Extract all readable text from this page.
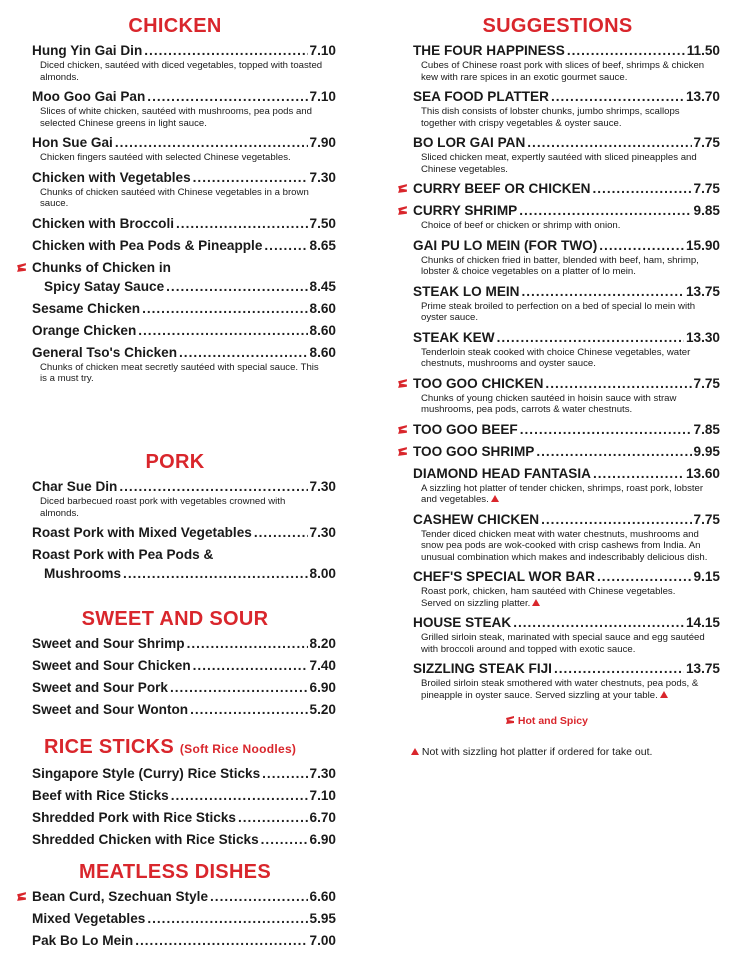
CHICKEN
Hung Yin Gai Din .....	7.10
Diced chicken, sautéed with diced vegetables, topped with toasted almonds.
Moo Goo Gai Pan .....	7.10
Slices of white chicken, sautéed with mushrooms, pea pods and selected Chinese greens in light sauce.
Hon Sue Gai .....	7.90
Chicken fingers sautéed with selected Chinese vegetables.
Chicken with Vegetables .....	7.30
Chunks of chicken sautéed with Chinese vegetables in a brown sauce.
Chicken with Broccoli .....	7.50
Chicken with Pea Pods & Pineapple .....	8.65
Chunks of Chicken in
Spicy Satay Sauce .....	8.45
Sesame Chicken .....	8.60
Orange Chicken .....	8.60
General Tso's Chicken .....	8.60
Chunks of chicken meat secretly sautéed with special sauce. This is a must try.
PORK
Char Sue Din .....	7.30
Diced barbecued roast pork with vegetables crowned with almonds.
Roast Pork with Mixed Vegetables .....	7.30
Roast Pork with Pea Pods &
Mushrooms .....	8.00
SWEET AND SOUR
Sweet and Sour Shrimp .....	8.20
Sweet and Sour Chicken .....	7.40
Sweet and Sour Pork .....	6.90
Sweet and Sour Wonton .....	5.20
RICE STICKS (Soft Rice Noodles)
Singapore Style (Curry) Rice Sticks .....	7.30
Beef with Rice Sticks .....	7.10
Shredded Pork with Rice Sticks .....	6.70
Shredded Chicken with Rice Sticks .....	6.90
MEATLESS DISHES
Bean Curd, Szechuan Style .....	6.60
Mixed Vegetables .....	5.95
Pak Bo Lo Mein .....	7.00
SUGGESTIONS
THE FOUR HAPPINESS .....	11.50
Cubes of Chinese roast pork with slices of beef, shrimps & chicken kew with rare spices in an exotic gourmet sauce.
SEA FOOD PLATTER .....	13.70
This dish consists of lobster chunks, jumbo shrimps, scallops together with crispy vegetables & oyster sauce.
BO LOR GAI PAN .....	7.75
Sliced chicken meat, expertly sautéed with sliced pineapples and Chinese vegetables.
CURRY BEEF OR CHICKEN .....	7.75
CURRY SHRIMP .....	9.85
Choice of beef or chicken or shrimp with onion.
GAI PU LO MEIN (FOR TWO) .....	15.90
Chunks of chicken fried in batter, blended with beef, ham, shrimp, lobster & choice vegetables on a platter of lo mein.
STEAK LO MEIN .....	13.75
Prime steak broiled to perfection on a bed of special lo mein with oyster sauce.
STEAK KEW .....	13.30
Tenderloin steak cooked with choice Chinese vegetables, water chestnuts, mushrooms and oyster sauce.
TOO GOO CHICKEN .....	7.75
Chunks of young chicken sautéed in hoisin sauce with straw mushrooms, pea pods, carrots & water chestnuts.
TOO GOO BEEF .....	7.85
TOO GOO SHRIMP .....	9.95
DIAMOND HEAD FANTASIA .....	13.60
A sizzling hot platter of tender chicken, shrimps, roast pork, lobster and vegetables.
CASHEW CHICKEN .....	7.75
Tender diced chicken meat with water chestnuts, mushrooms and snow pea pods are wok-cooked with crisp cashews from India. An unusual combination which makes and indescribably delicious dish.
CHEF'S SPECIAL WOR BAR .....	9.15
Roast pork, chicken, ham sautéed with Chinese vegetables. Served on sizzling platter.
HOUSE STEAK .....	14.15
Grilled sirloin steak, marinated with special sauce and egg sautéed with broccoli around and topped with exotic sauce.
SIZZLING STEAK FIJI .....	13.75
Broiled sirloin steak smothered with water chestnuts, pea pods, & pineapple in oyster sauce. Served sizzling at your table.
Hot and Spicy
Not with sizzling hot platter if ordered for take out.
